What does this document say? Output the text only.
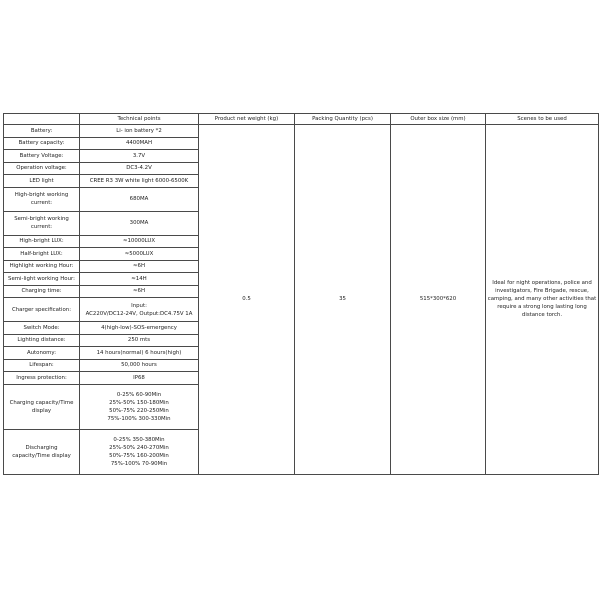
	Technical points	Product net weight (kg)	Packing Quantity (pcs)	Outer box size (mm)	Scenes to be used
Battery:	Li- ion battery *2	0.5	35	515*300*620	Ideal for night operations, police and investigators, Fire Brigade, rescue, camping, and many other activities that require a strong long lasting long distance torch.
Battery capacity:	4400MAH				
Battery Voltage:	3.7V				
Operation voltage:	DC3-4.2V				
LED light	CREE R3 3W white light 6000-6500K				

High-bright working
current:	680MA				

Semi-bright working
current:	300MA				
High-bright LUX:	≈10000LUX				
Half-bright LUX:	≈5000LUX				
Highlight working Hour:	≈6H				
Semi-light working Hour:	≈14H				
Charging time:	≈6H				
Charger specification:	Input:
AC220V/DC12-24V, Output:DC4.75V 1A				

Switch Mode:	4(high-low)-SOS-emergency				
Lighting distance:	250 mts				
Autonomy:	14 hours(normal) 6 hours(high)				
Lifespan:	50,000 hours				
Ingress protection:	IP68				

Charging capacity/Time
display	0-25% 60-90Min
25%-50% 150-180Min
50%-75% 220-250Min
75%-100% 300-330Min				

Discharging
capacity/Time display	0-25% 350-380Min
25%-50% 240-270Min
50%-75% 160-200Min
75%-100% 70-90Min				
